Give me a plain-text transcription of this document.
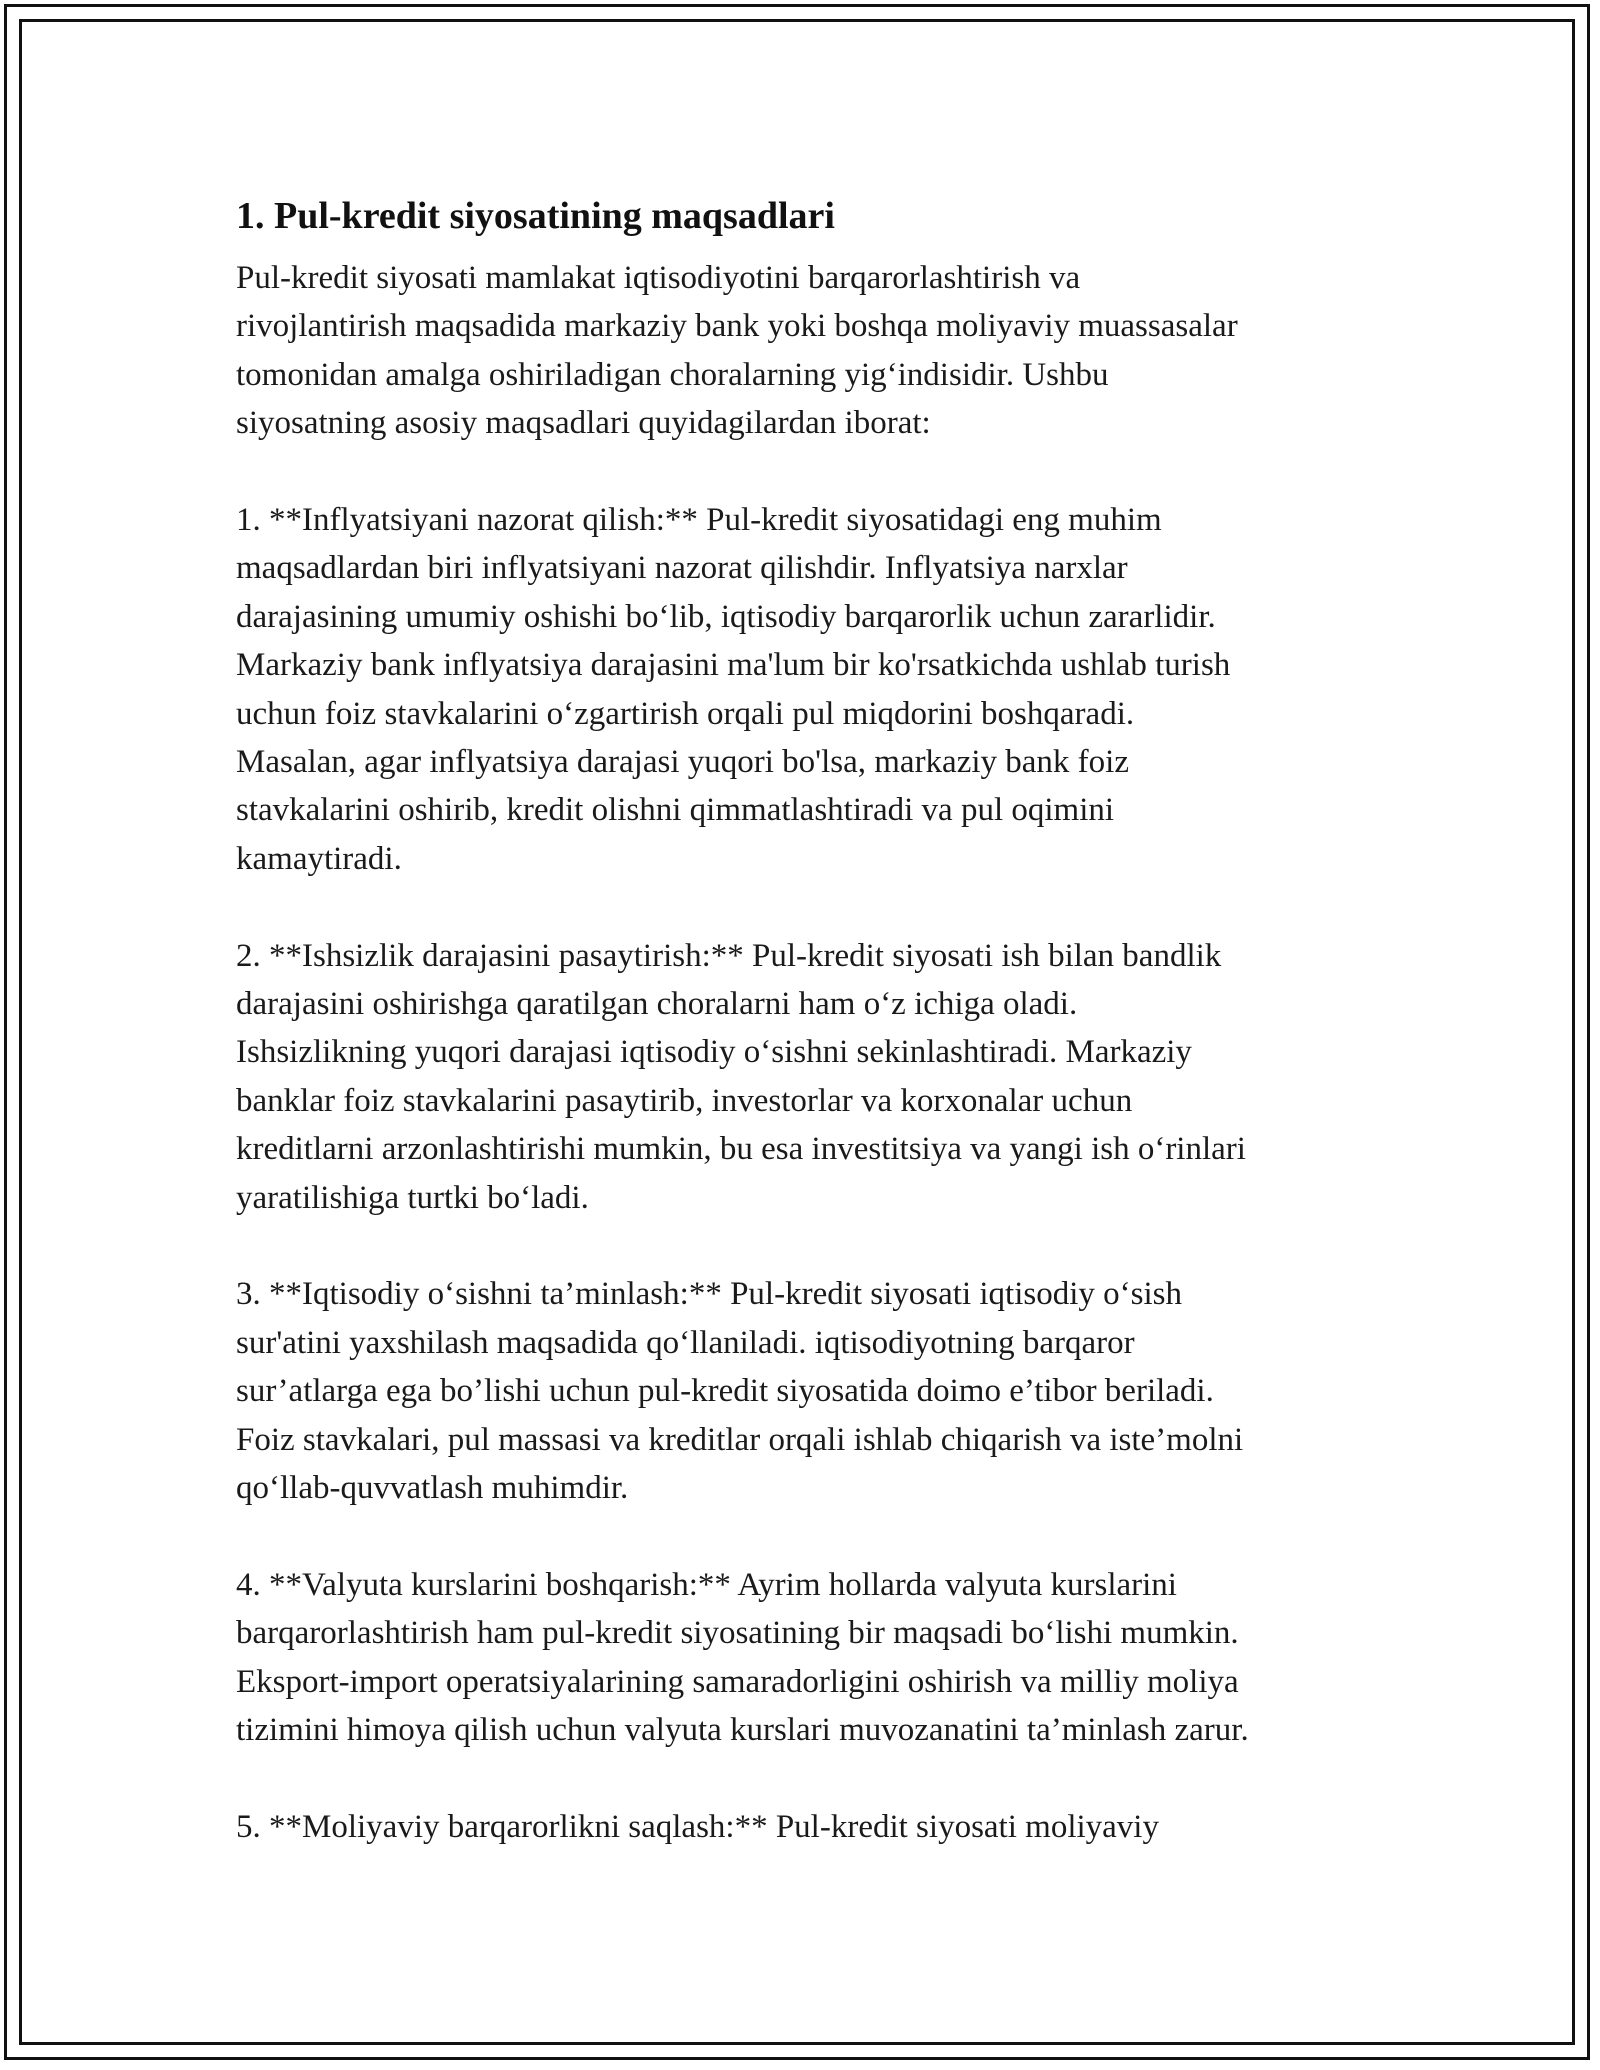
1. Pul-kredit siyosatining maqsadlari

Pul-kredit siyosati mamlakat iqtisodiyotini barqarorlashtirish va
rivojlantirish maqsadida markaziy bank yoki boshqa moliyaviy muassasalar
tomonidan amalga oshiriladigan choralarning yig‘indisidir. Ushbu
siyosatning asosiy maqsadlari quyidagilardan iborat:

1. **Inflyatsiyani nazorat qilish:** Pul-kredit siyosatidagi eng muhim
maqsadlardan biri inflyatsiyani nazorat qilishdir. Inflyatsiya narxlar
darajasining umumiy oshishi bo‘lib, iqtisodiy barqarorlik uchun zararlidir.
Markaziy bank inflyatsiya darajasini ma'lum bir ko'rsatkichda ushlab turish
uchun foiz stavkalarini o‘zgartirish orqali pul miqdorini boshqaradi.
Masalan, agar inflyatsiya darajasi yuqori bo'lsa, markaziy bank foiz
stavkalarini oshirib, kredit olishni qimmatlashtiradi va pul oqimini
kamaytiradi.

2. **Ishsizlik darajasini pasaytirish:** Pul-kredit siyosati ish bilan bandlik
darajasini oshirishga qaratilgan choralarni ham o‘z ichiga oladi.
Ishsizlikning yuqori darajasi iqtisodiy o‘sishni sekinlashtiradi. Markaziy
banklar foiz stavkalarini pasaytirib, investorlar va korxonalar uchun
kreditlarni arzonlashtirishi mumkin, bu esa investitsiya va yangi ish o‘rinlari
yaratilishiga turtki bo‘ladi.

3. **Iqtisodiy o‘sishni ta’minlash:** Pul-kredit siyosati iqtisodiy o‘sish
sur'atini yaxshilash maqsadida qo‘llaniladi. iqtisodiyotning barqaror
sur’atlarga ega bo’lishi uchun pul-kredit siyosatida doimo e’tibor beriladi.
Foiz stavkalari, pul massasi va kreditlar orqali ishlab chiqarish va iste’molni
qo‘llab-quvvatlash muhimdir.

4. **Valyuta kurslarini boshqarish:** Ayrim hollarda valyuta kurslarini
barqarorlashtirish ham pul-kredit siyosatining bir maqsadi bo‘lishi mumkin.
Eksport-import operatsiyalarining samaradorligini oshirish va milliy moliya
tizimini himoya qilish uchun valyuta kurslari muvozanatini ta’minlash zarur.

5. **Moliyaviy barqarorlikni saqlash:** Pul-kredit siyosati moliyaviy
